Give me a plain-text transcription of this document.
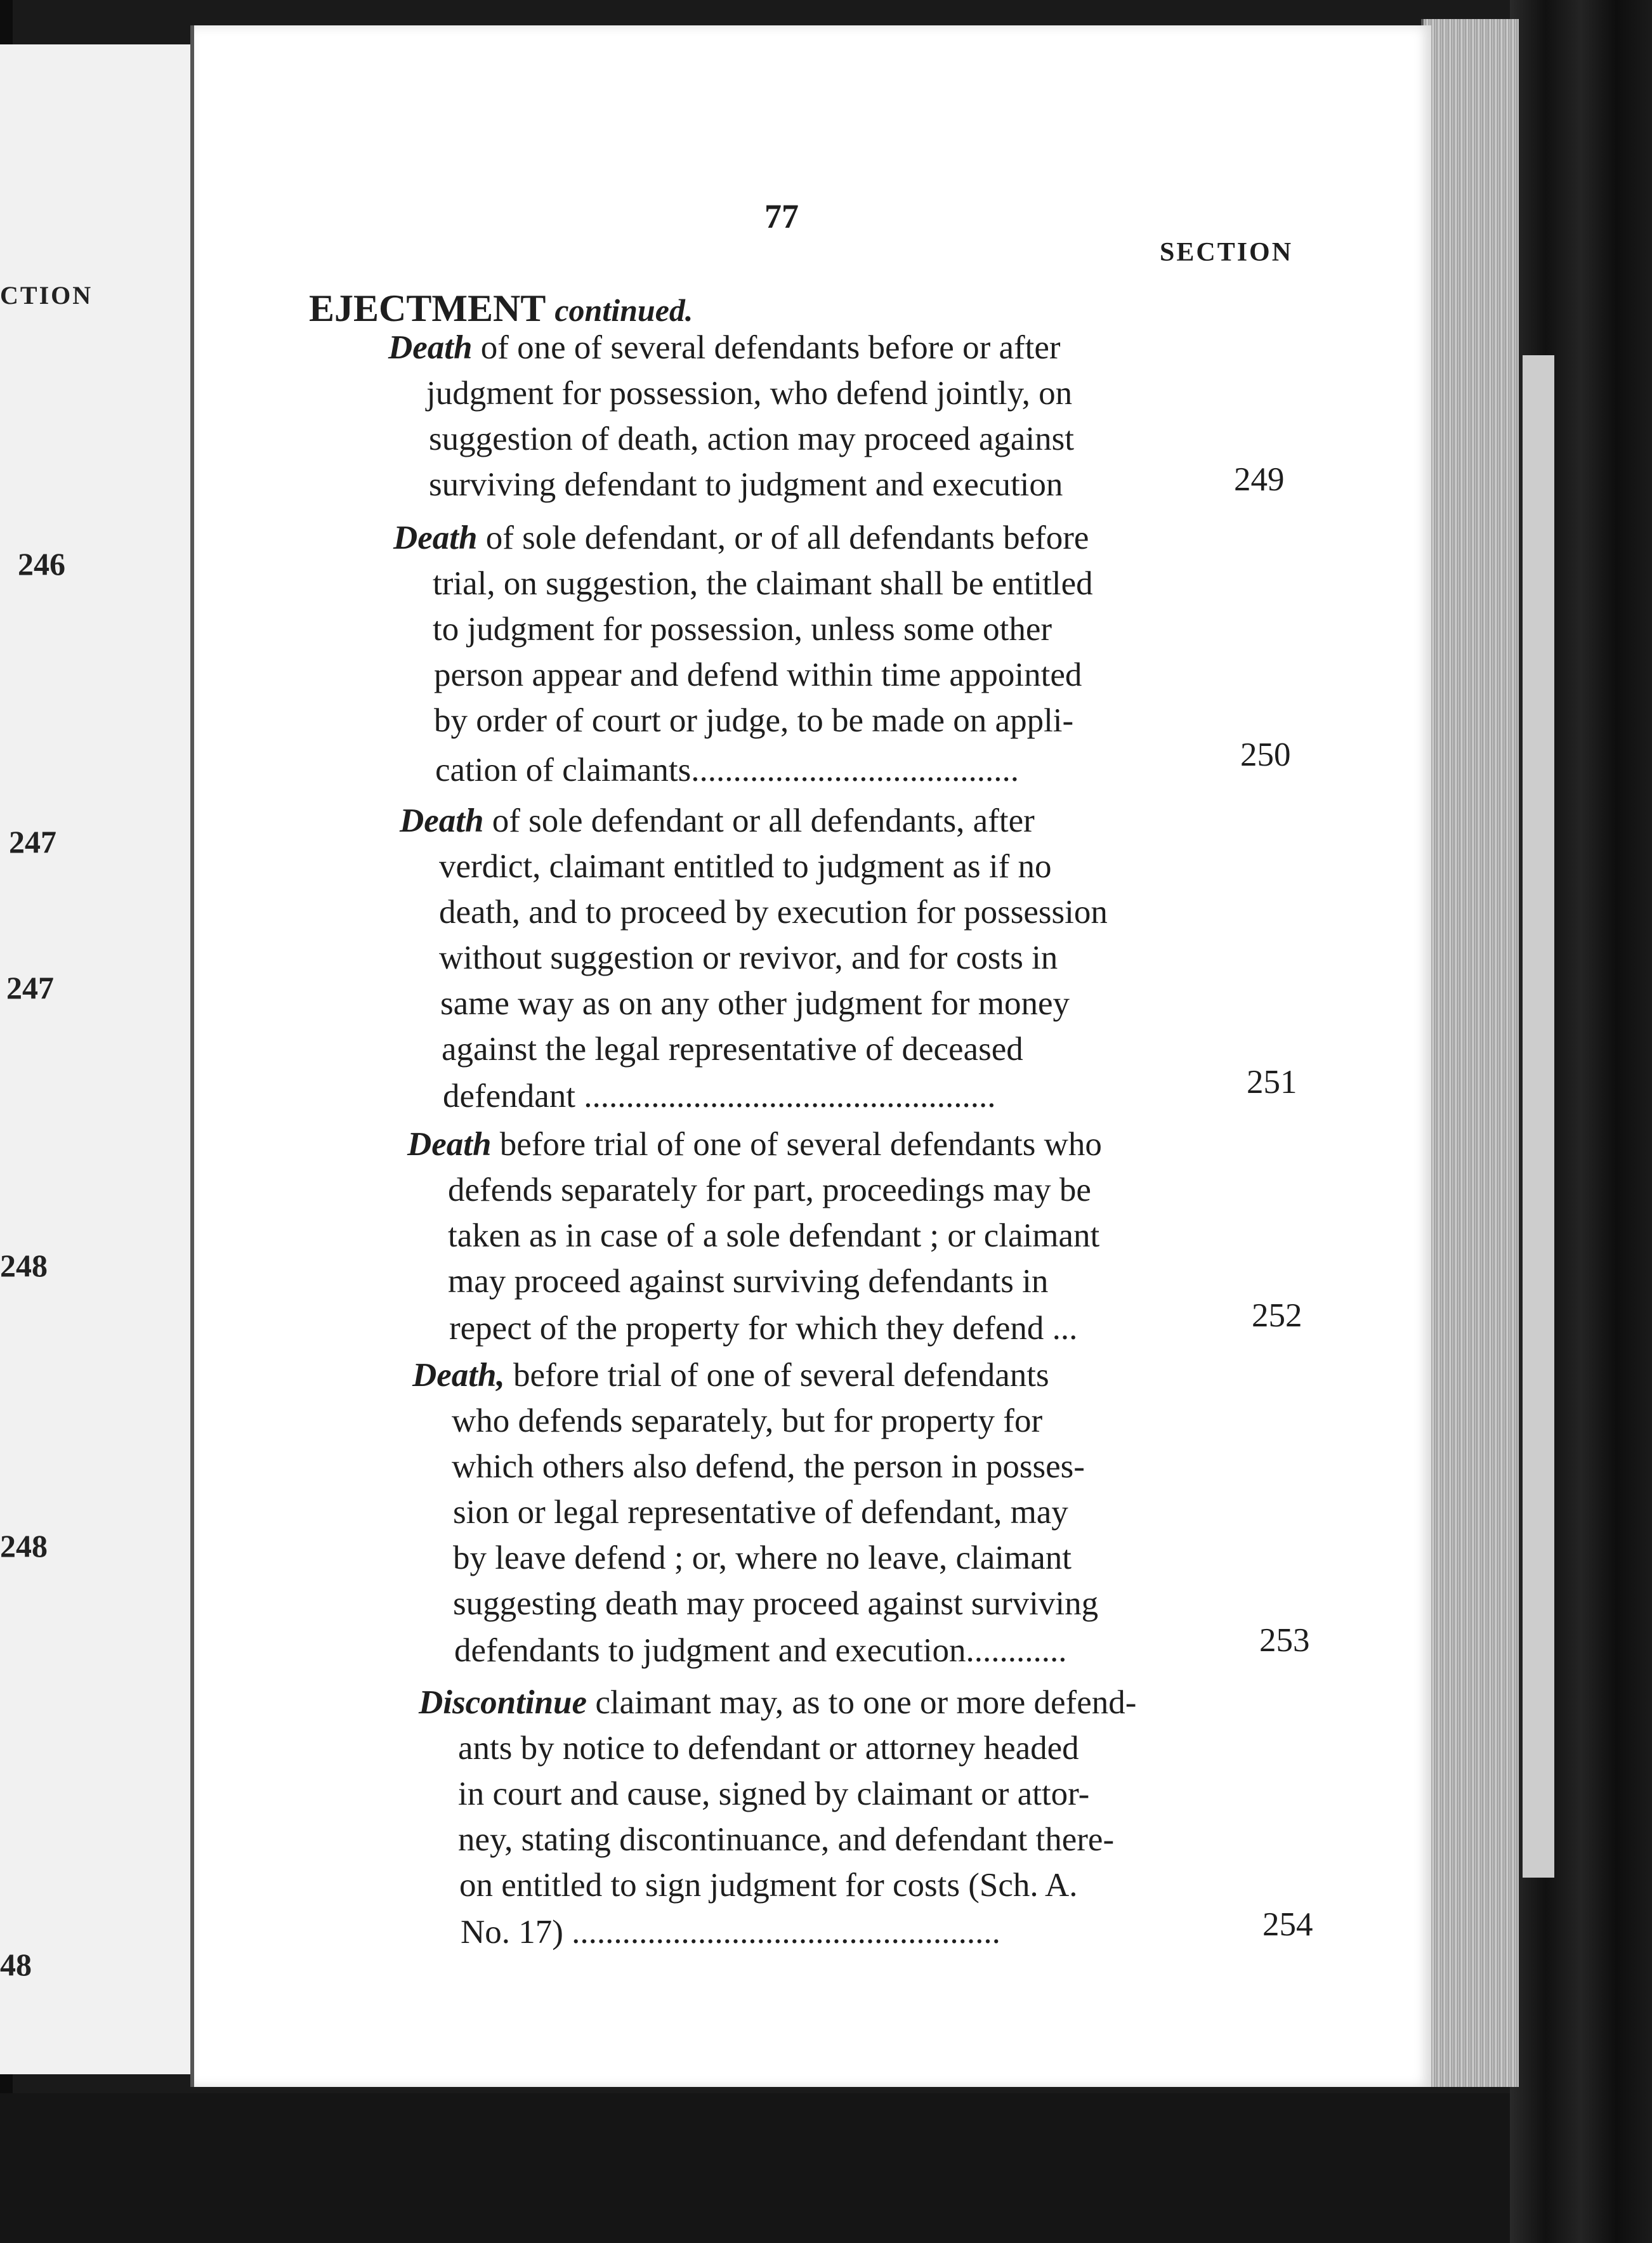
CTION
246
247
247
248
248
48
77
SECTION
EJECTMENT continued.
Death of one of several defendants before or after
judgment for possession, who defend jointly, on
suggestion of death, action may proceed against
surviving defendant to judgment and execution	249
Death of sole defendant, or of all defendants before
trial, on suggestion, the claimant shall be entitled
to judgment for possession, unless some other
person appear and defend within time appointed
by order of court or judge, to be made on appli-
cation of claimants.......................................	250
Death of sole defendant or all defendants, after
verdict, claimant entitled to judgment as if no
death, and to proceed by execution for possession
without suggestion or revivor, and for costs in
same way as on any other judgment for money
against the legal representative of deceased
defendant .................................................	251
Death before trial of one of several defendants who
defends separately for part, proceedings may be
taken as in case of a sole defendant ; or claimant
may proceed against surviving defendants in
repect of the property for which they defend ...	252
Death, before trial of one of several defendants
who defends separately, but for property for
which others also defend, the person in posses-
sion or legal representative of defendant, may
by leave defend ; or, where no leave, claimant
suggesting death may proceed against surviving
defendants to judgment and execution............	253
Discontinue claimant may, as to one or more defend-
ants by notice to defendant or attorney headed
in court and cause, signed by claimant or attor-
ney, stating discontinuance, and defendant there-
on entitled to sign judgment for costs (Sch. A.
No. 17) ...................................................	254
